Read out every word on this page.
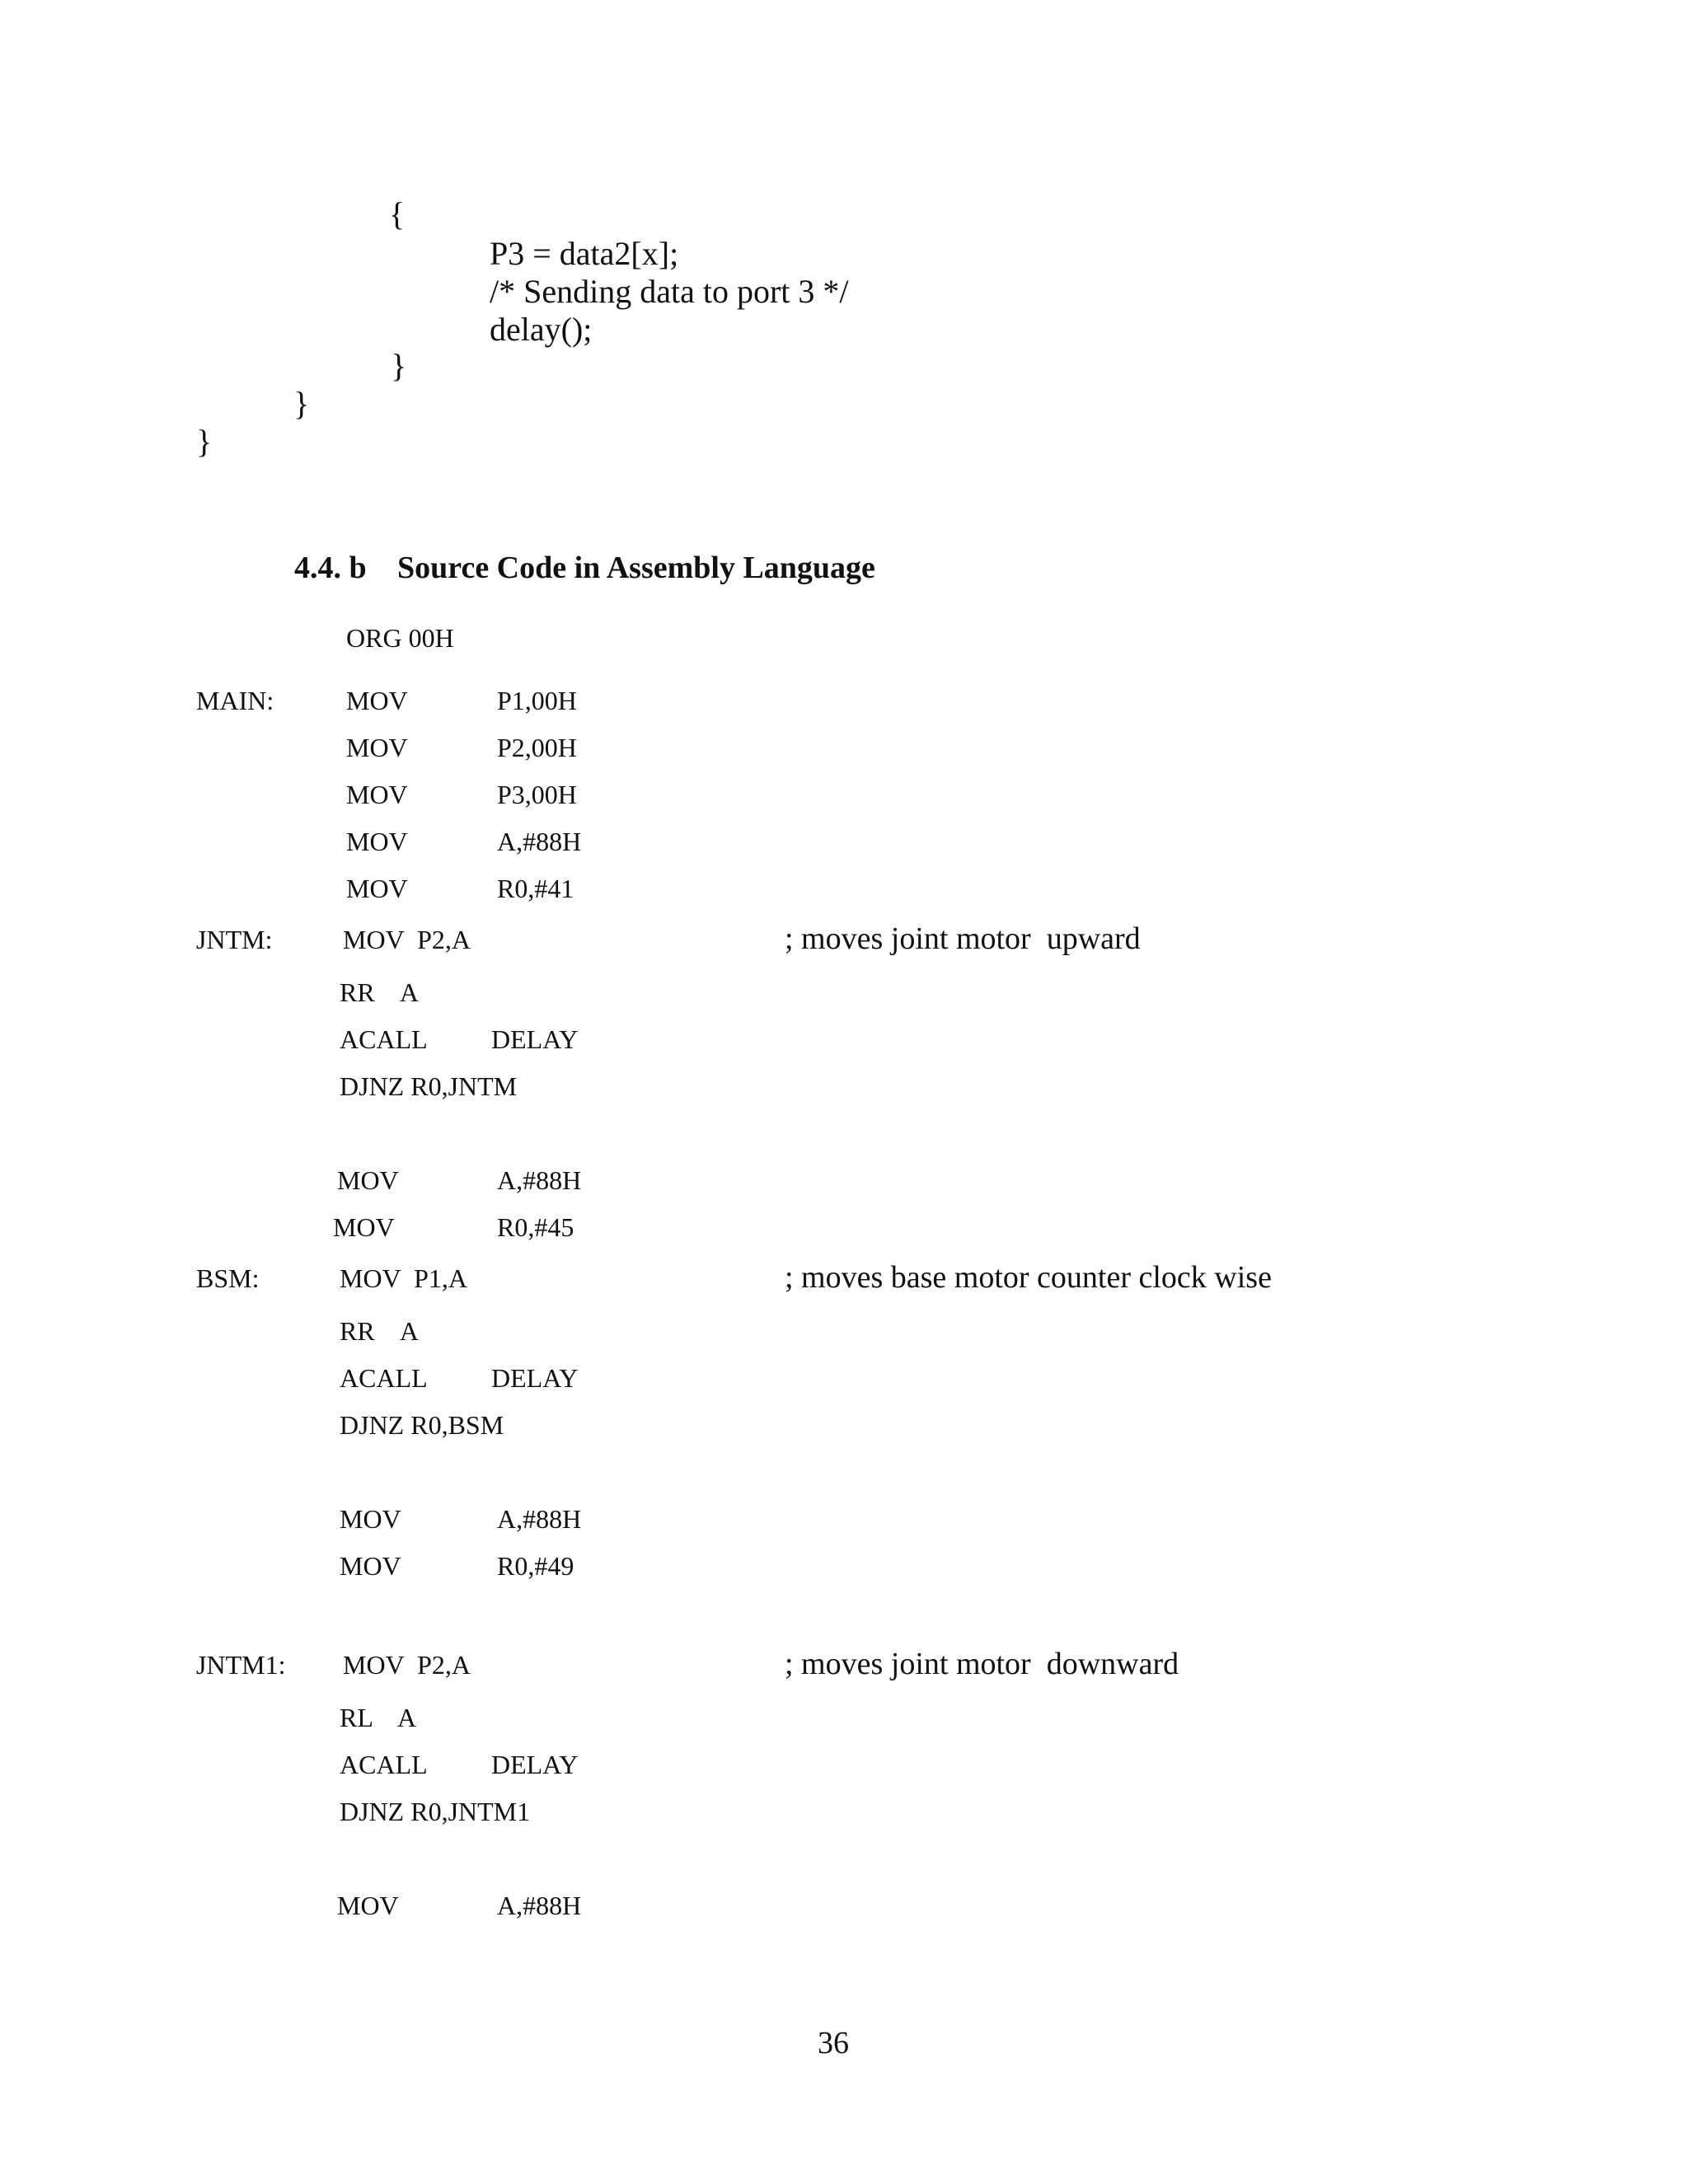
{
P3 = data2[x];
/* Sending data to port 3 */
delay();
}
}
}
4.4. b Source Code in Assembly Language
ORG 00H
MAIN:	MOV	P1,00H
MOV	P2,00H
MOV	P3,00H
MOV	A,#88H
MOV	R0,#41
JNTM:	MOV  P2,A	; moves joint motor  upward
RR    A
ACALL DELAY
DJNZ R0,JNTM
MOV	A,#88H
MOV	R0,#45
BSM:	MOV  P1,A	; moves base motor counter clock wise
RR    A
ACALL DELAY
DJNZ R0,BSM
MOV	A,#88H
MOV	R0,#49
JNTM1: MOV  P2,A	; moves joint motor  downward
RL    A
ACALL DELAY
DJNZ R0,JNTM1
MOV	A,#88H
36
